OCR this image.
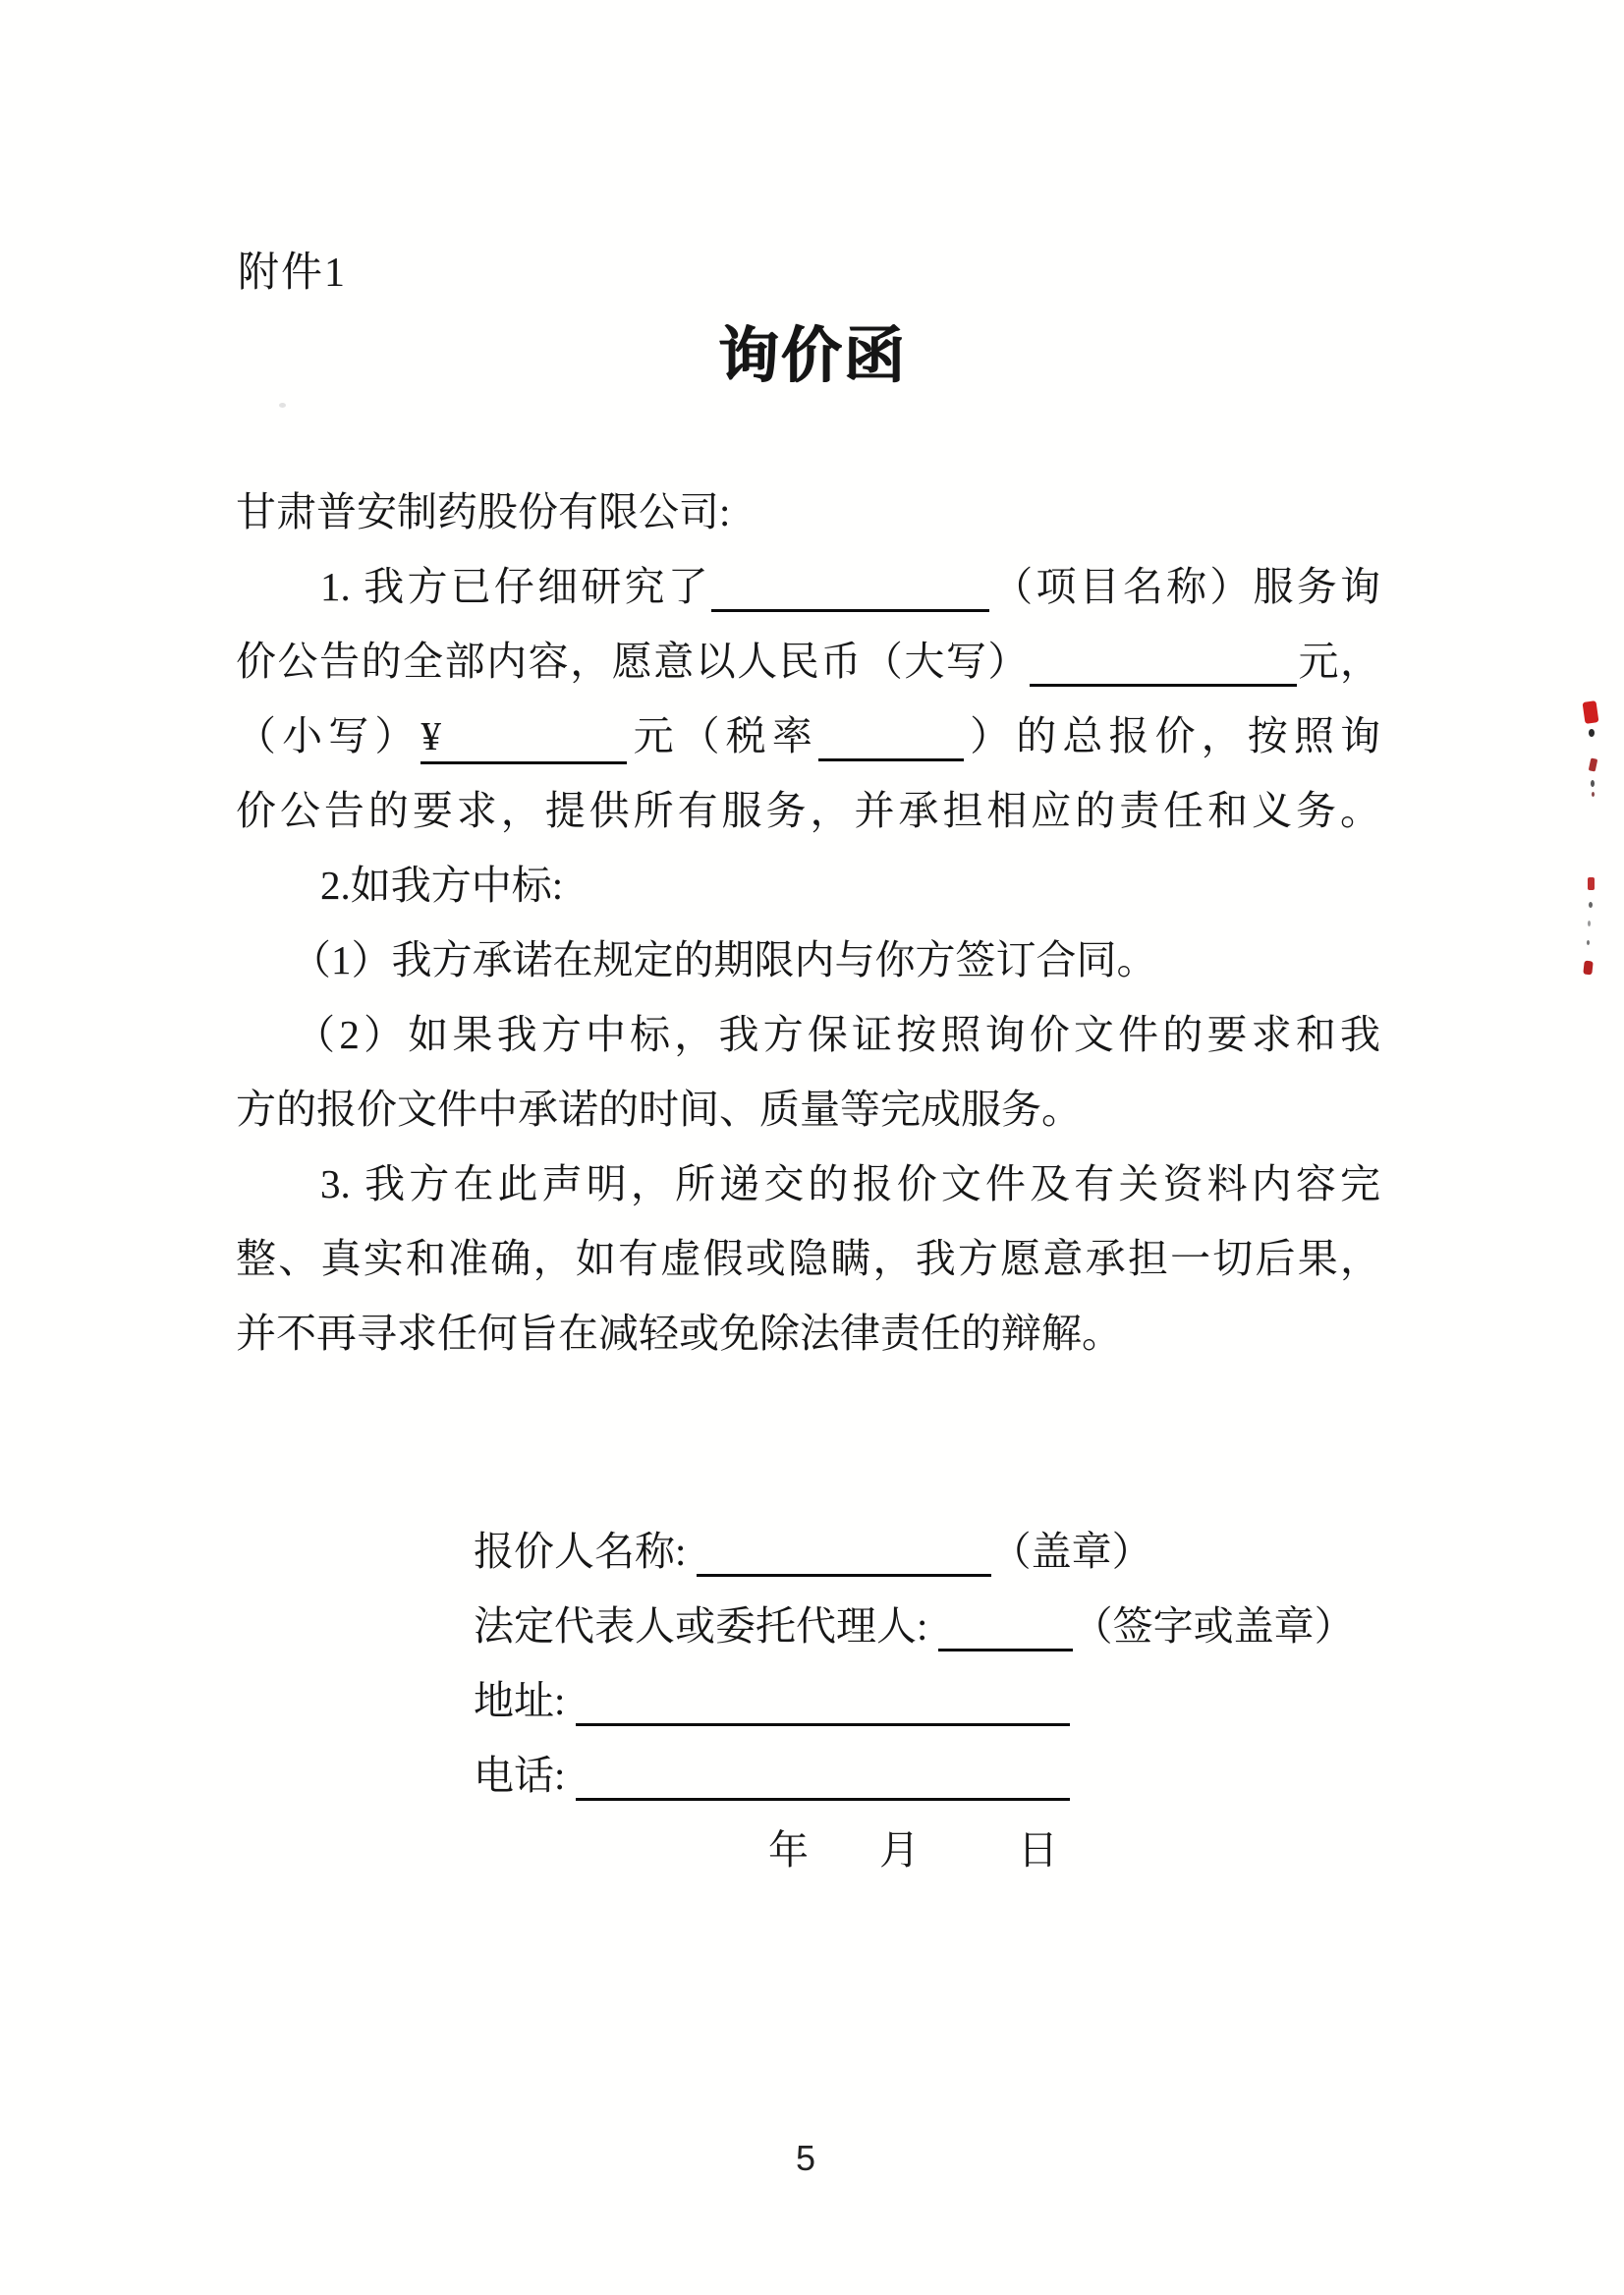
附件1
询价函
甘肃普安制药股份有限公司:
1. 我方已仔细研究了	（项目名称）服务询
价公告的全部内容，愿意以人民币（大写）	元，
（小写）¥	元（税率	）的总报价，按照询
价公告的要求，提供所有服务，并承担相应的责任和义务。
2.如我方中标:
（1）我方承诺在规定的期限内与你方签订合同。
（2）如果我方中标，我方保证按照询价文件的要求和我
方的报价文件中承诺的时间、质量等完成服务。
3. 我方在此声明，所递交的报价文件及有关资料内容完
整、真实和准确，如有虚假或隐瞒，我方愿意承担一切后果，
并不再寻求任何旨在减轻或免除法律责任的辩解。
报价人名称:	（盖章）
法定代表人或委托代理人:	（签字或盖章）
地址:
电话:
年 月 日
5
